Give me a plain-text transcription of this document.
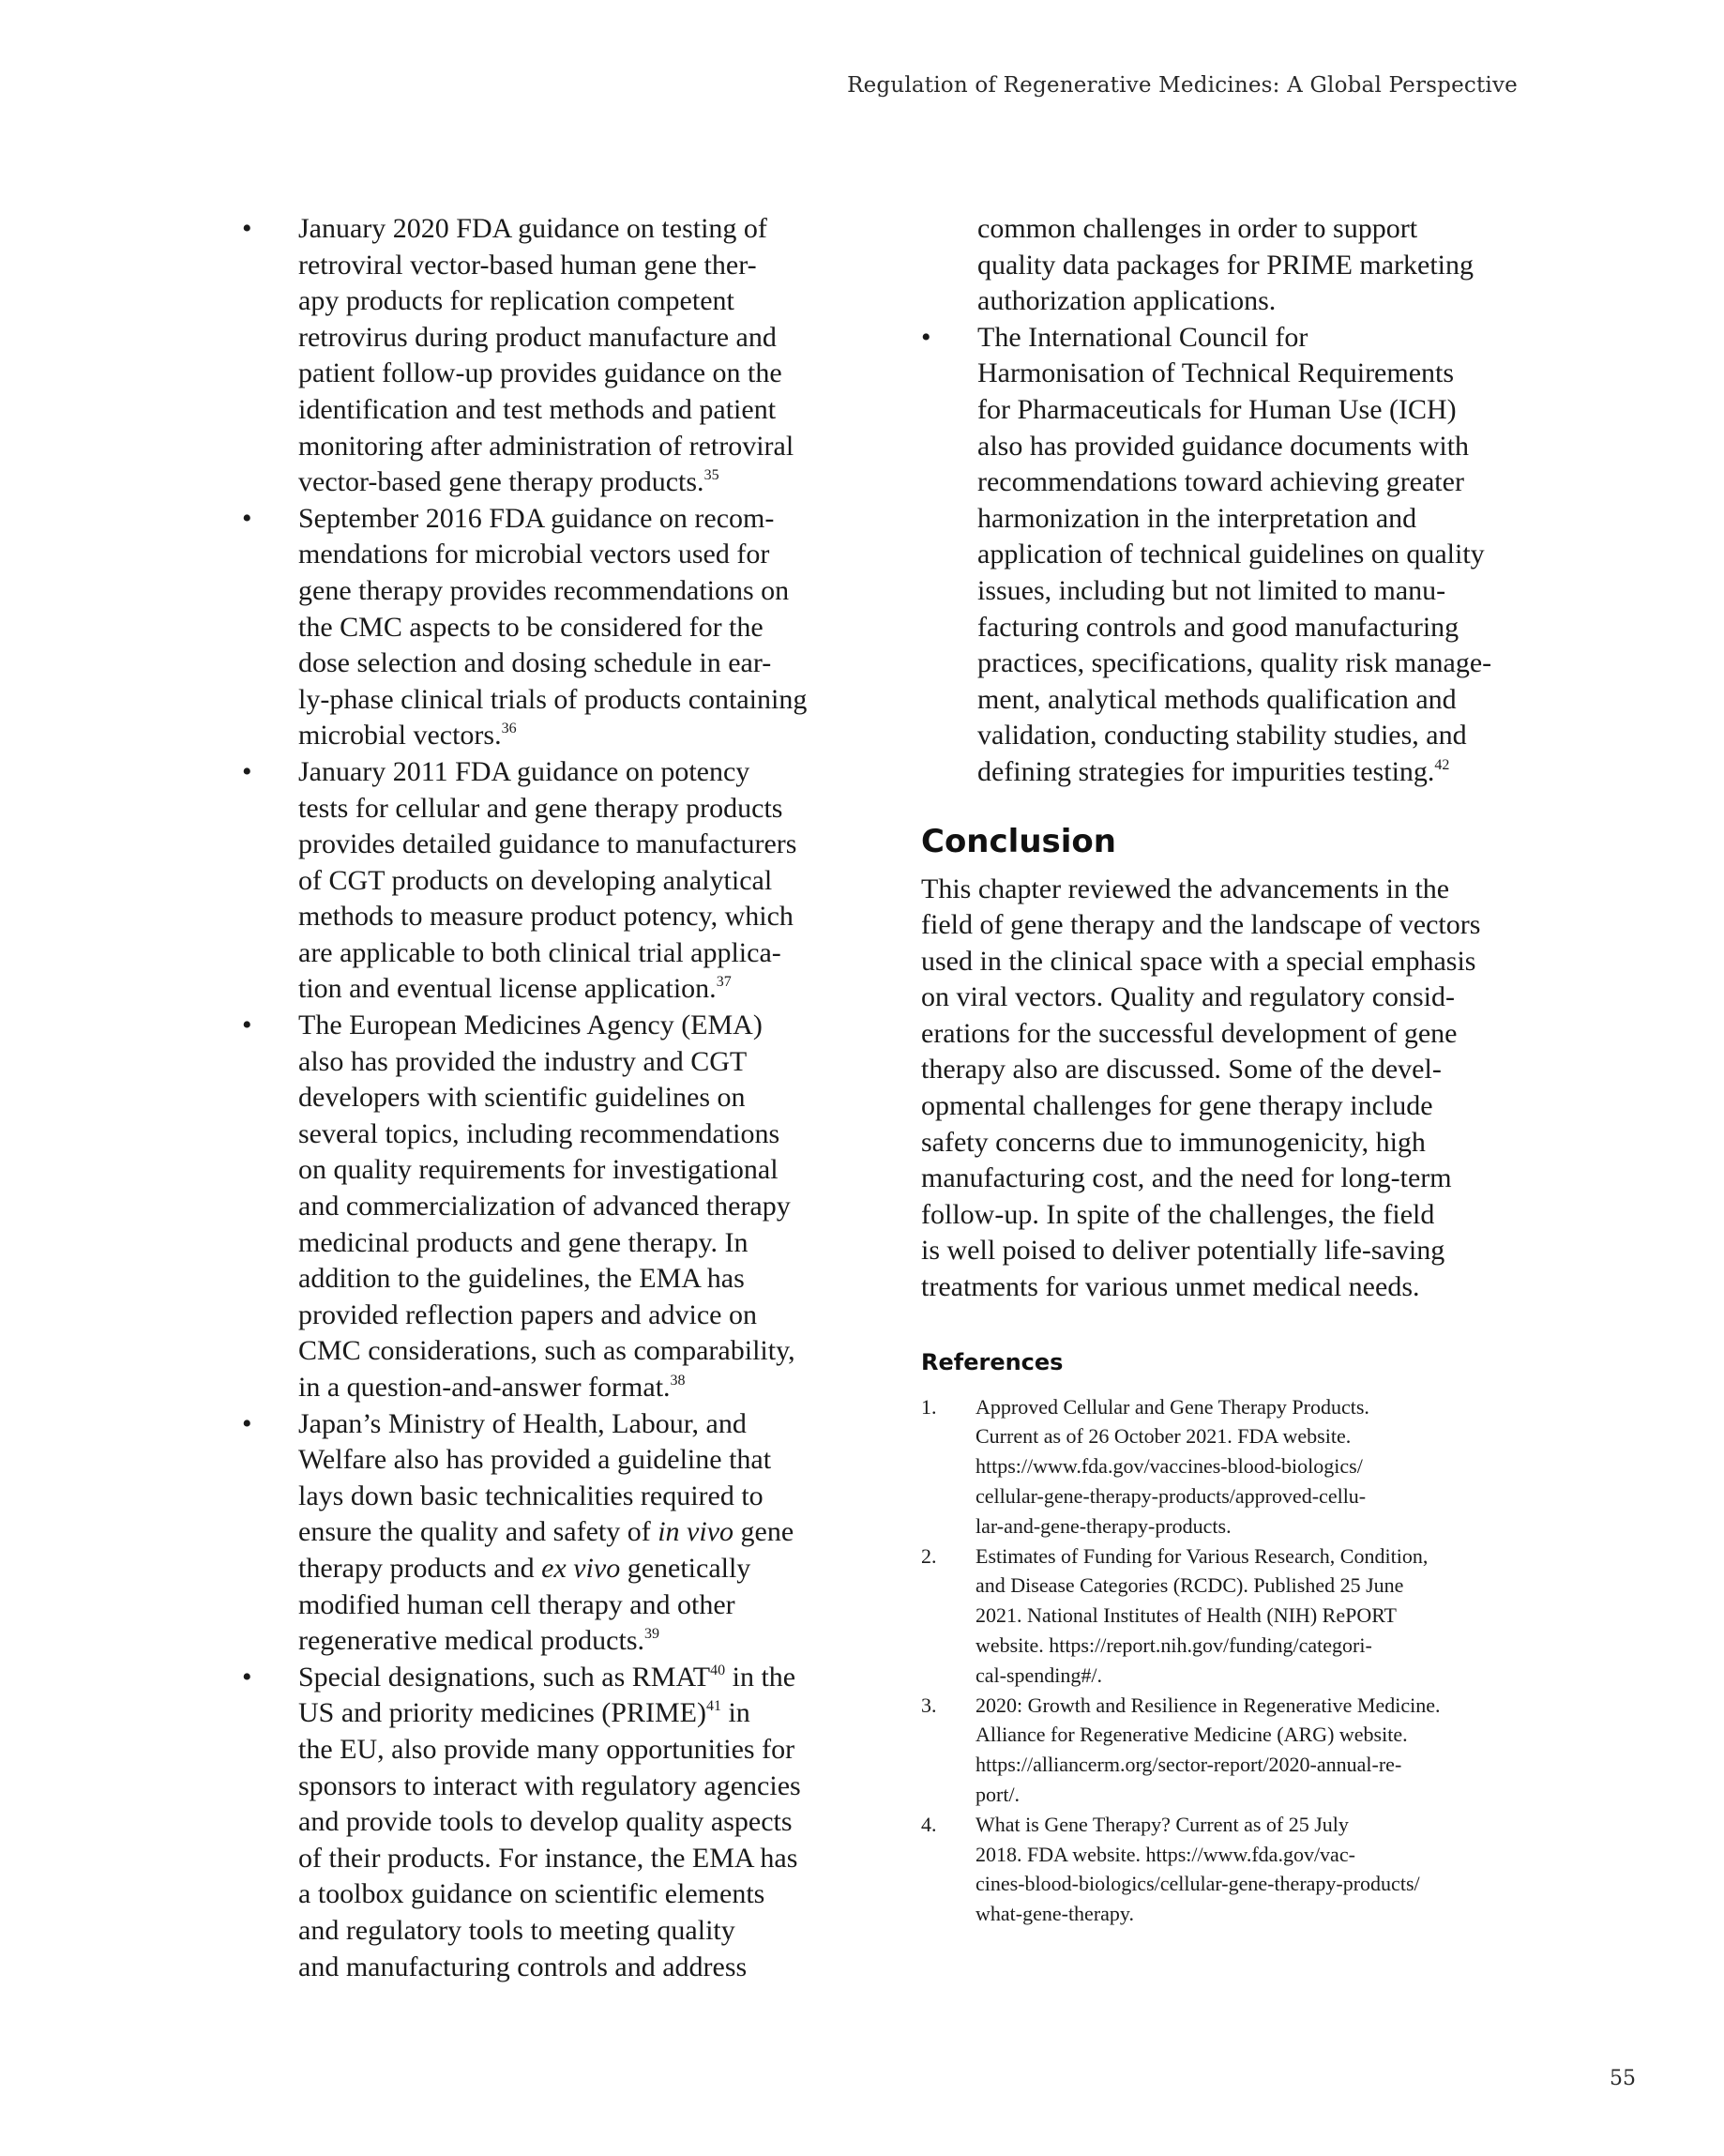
Regulation of Regenerative Medicines: A Global Perspective
•	January 2020 FDA guidance on testing of
retroviral vector-based human gene ther-
apy products for replication competent
retrovirus during product manufacture and
patient follow-up provides guidance on the
identification and test methods and patient
monitoring after administration of retroviral
vector-based gene therapy products.$^{35}$
•	September 2016 FDA guidance on recom-
mendations for microbial vectors used for
gene therapy provides recommendations on
the CMC aspects to be considered for the
dose selection and dosing schedule in ear-
ly-phase clinical trials of products containing
microbial vectors.$^{36}$
•	January 2011 FDA guidance on potency
tests for cellular and gene therapy products
provides detailed guidance to manufacturers
of CGT products on developing analytical
methods to measure product potency, which
are applicable to both clinical trial applica-
tion and eventual license application.$^{37}$
•	The European Medicines Agency (EMA)
also has provided the industry and CGT
developers with scientific guidelines on
several topics, including recommendations
on quality requirements for investigational
and commercialization of advanced therapy
medicinal products and gene therapy. In
addition to the guidelines, the EMA has
provided reflection papers and advice on
CMC considerations, such as comparability,
in a question-and-answer format.$^{38}$
•	Japan’s Ministry of Health, Labour, and
Welfare also has provided a guideline that
lays down basic technicalities required to
ensure the quality and safety of in vivo gene
therapy products and ex vivo genetically
modified human cell therapy and other
regenerative medical products.$^{39}$
•	Special designations, such as RMAT$^{40}$ in the
US and priority medicines (PRIME)$^{41}$ in
the EU, also provide many opportunities for
sponsors to interact with regulatory agencies
and provide tools to develop quality aspects
of their products. For instance, the EMA has
a toolbox guidance on scientific elements
and regulatory tools to meeting quality
and manufacturing controls and address
common challenges in order to support
quality data packages for PRIME marketing
authorization applications.
•	The International Council for
Harmonisation of Technical Requirements
for Pharmaceuticals for Human Use (ICH)
also has provided guidance documents with
recommendations toward achieving greater
harmonization in the interpretation and
application of technical guidelines on quality
issues, including but not limited to manu-
facturing controls and good manufacturing
practices, specifications, quality risk manage-
ment, analytical methods qualification and
validation, conducting stability studies, and
defining strategies for impurities testing.$^{42}$
Conclusion
This chapter reviewed the advancements in the
field of gene therapy and the landscape of vectors
used in the clinical space with a special emphasis
on viral vectors. Quality and regulatory consid-
erations for the successful development of gene
therapy also are discussed. Some of the devel-
opmental challenges for gene therapy include
safety concerns due to immunogenicity, high
manufacturing cost, and the need for long-term
follow-up. In spite of the challenges, the field
is well poised to deliver potentially life-saving
treatments for various unmet medical needs.
References
1. Approved Cellular and Gene Therapy Products.
Current as of 26 October 2021. FDA website.
https://www.fda.gov/vaccines-blood-biologics/
cellular-gene-therapy-products/approved-cellu-
lar-and-gene-therapy-products.
2. Estimates of Funding for Various Research, Condition,
and Disease Categories (RCDC). Published 25 June
2021. National Institutes of Health (NIH) RePORT
website. https://report.nih.gov/funding/categori-
cal-spending#/.
3. 2020: Growth and Resilience in Regenerative Medicine.
Alliance for Regenerative Medicine (ARG) website.
https://alliancerm.org/sector-report/2020-annual-re-
port/.
4. What is Gene Therapy? Current as of 25 July
2018. FDA website. https://www.fda.gov/vac-
cines-blood-biologics/cellular-gene-therapy-products/
what-gene-therapy.
55
